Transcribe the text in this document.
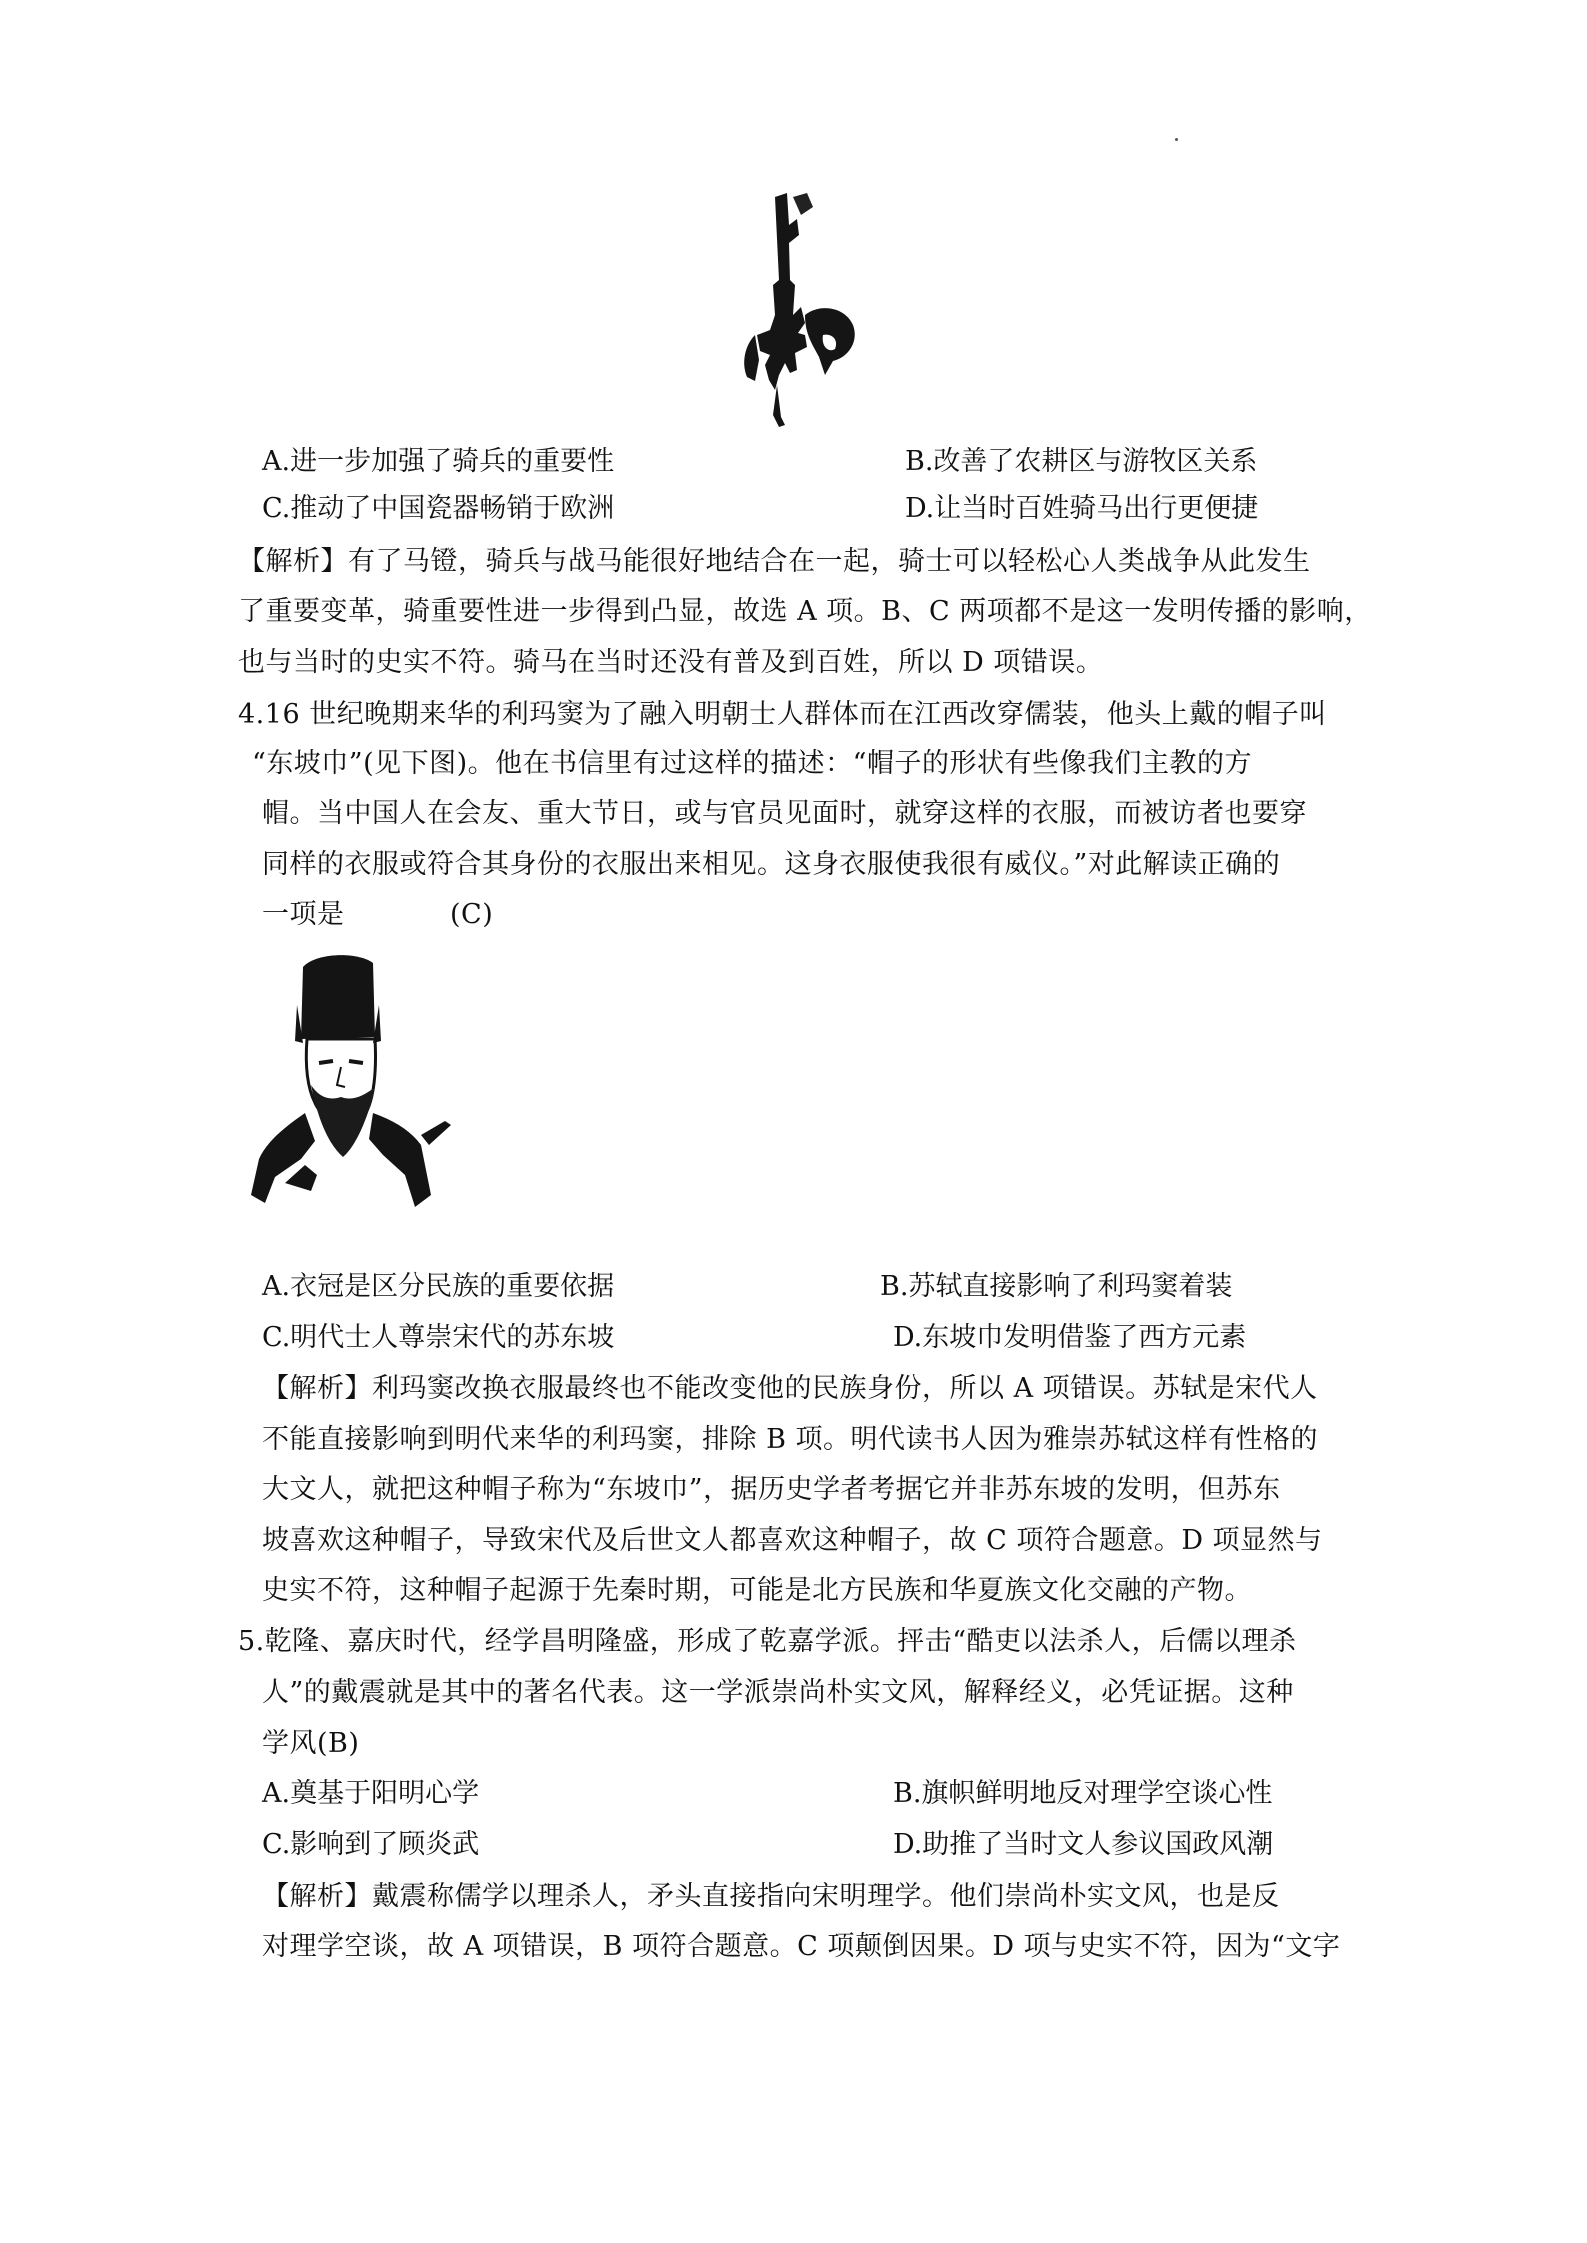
A.进一步加强了骑兵的重要性	B.改善了农耕区与游牧区关系
C.推动了中国瓷器畅销于欧洲	D.让当时百姓骑马出行更便捷
【解析】有了马镫，骑兵与战马能很好地结合在一起，骑士可以轻松心人类战争从此发生
了重要变革，骑重要性进一步得到凸显，故选 A 项。B、C 两项都不是这一发明传播的影响，
也与当时的史实不符。骑马在当时还没有普及到百姓，所以 D 项错误。
4.16 世纪晚期来华的利玛窦为了融入明朝士人群体而在江西改穿儒装，他头上戴的帽子叫
“东坡巾”(见下图)。他在书信里有过这样的描述：“帽子的形状有些像我们主教的方
帽。当中国人在会友、重大节日，或与官员见面时，就穿这样的衣服，而被访者也要穿
同样的衣服或符合其身份的衣服出来相见。这身衣服使我很有威仪。”对此解读正确的
一项是	(C)
A.衣冠是区分民族的重要依据	B.苏轼直接影响了利玛窦着装
C.明代士人尊崇宋代的苏东坡	D.东坡巾发明借鉴了西方元素
【解析】利玛窦改换衣服最终也不能改变他的民族身份，所以 A 项错误。苏轼是宋代人
不能直接影响到明代来华的利玛窦，排除 B 项。明代读书人因为雅崇苏轼这样有性格的
大文人，就把这种帽子称为“东坡巾”，据历史学者考据它并非苏东坡的发明，但苏东
坡喜欢这种帽子，导致宋代及后世文人都喜欢这种帽子，故 C 项符合题意。D 项显然与
史实不符，这种帽子起源于先秦时期，可能是北方民族和华夏族文化交融的产物。
5.乾隆、嘉庆时代，经学昌明隆盛，形成了乾嘉学派。抨击“酷吏以法杀人，后儒以理杀
人”的戴震就是其中的著名代表。这一学派崇尚朴实文风，解释经义，必凭证据。这种
学风(B)
A.奠基于阳明心学	B.旗帜鲜明地反对理学空谈心性
C.影响到了顾炎武	D.助推了当时文人参议国政风潮
【解析】戴震称儒学以理杀人，矛头直接指向宋明理学。他们崇尚朴实文风，也是反
对理学空谈，故 A 项错误，B 项符合题意。C 项颠倒因果。D 项与史实不符，因为“文字
